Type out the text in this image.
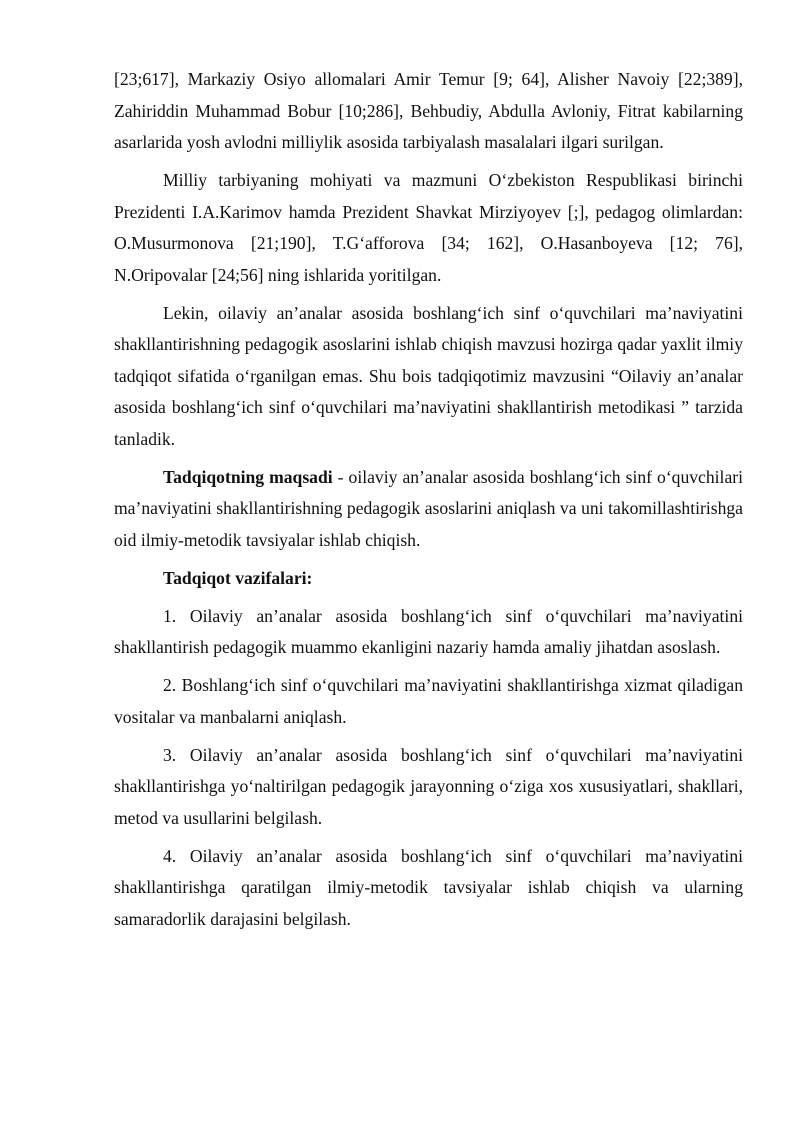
[23;617], Markaziy Osiyo allomalari Amir Temur [9; 64], Alisher Navoiy [22;389], Zahiriddin Muhammad Bobur [10;286], Behbudiy, Abdulla Avloniy, Fitrat kabilarning asarlarida yosh avlodni milliylik asosida tarbiyalash masalalari ilgari surilgan.

Milliy tarbiyaning mohiyati va mazmuni O‘zbekiston Respublikasi birinchi Prezidenti I.A.Karimov hamda Prezident Shavkat Mirziyoyev [;], pedagog olimlardan: O.Musurmonova [21;190], T.G‘afforova [34; 162], O.Hasanboyeva [12; 76], N.Oripovalar [24;56] ning ishlarida yoritilgan.

Lekin, oilaviy an’analar asosida boshlang‘ich sinf o‘quvchilari ma’naviyatini shakllantirishning pedagogik asoslarini ishlab chiqish mavzusi hozirga qadar yaxlit ilmiy tadqiqot sifatida o‘rganilgan emas. Shu bois tadqiqotimiz mavzusini “Oilaviy an’analar asosida boshlang‘ich sinf o‘quvchilari ma’naviyatini shakllantirish metodikasi ” tarzida tanladik.

Tadqiqotning maqsadi - oilaviy an’analar asosida boshlang‘ich sinf o‘quvchilari ma’naviyatini shakllantirishning pedagogik asoslarini aniqlash va uni takomillashtirishga oid ilmiy-metodik tavsiyalar ishlab chiqish.

Tadqiqot vazifalari:

1. Oilaviy an’analar asosida boshlang‘ich sinf o‘quvchilari ma’naviyatini shakllantirish pedagogik muammo ekanligini nazariy hamda amaliy jihatdan asoslash.

2. Boshlang‘ich sinf o‘quvchilari ma’naviyatini shakllantirishga xizmat qiladigan vositalar va manbalarni aniqlash.

3. Oilaviy an’analar asosida boshlang‘ich sinf o‘quvchilari ma’naviyatini shakllantirishga yo‘naltirilgan pedagogik jarayonning o‘ziga xos xususiyatlari, shakllari, metod va usullarini belgilash.

4. Oilaviy an’analar asosida boshlang‘ich sinf o‘quvchilari ma’naviyatini shakllantirishga qaratilgan ilmiy-metodik tavsiyalar ishlab chiqish va ularning samaradorlik darajasini belgilash.
